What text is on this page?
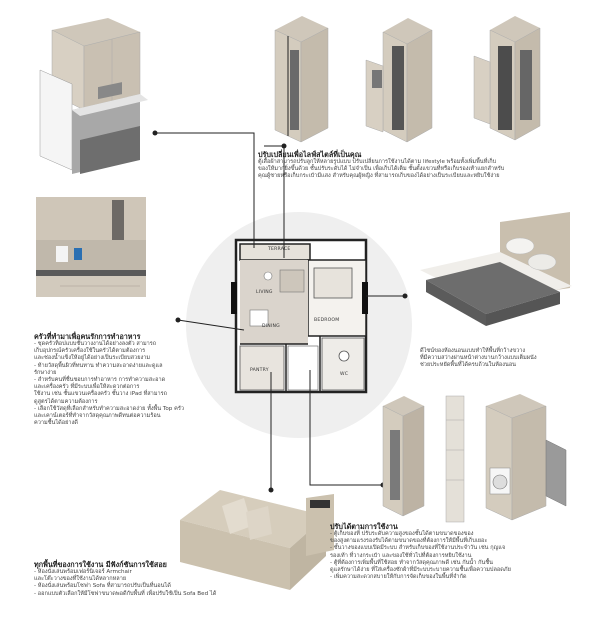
TERRACE
LIVING
DINING
BEDROOM
PANTRY
WC
ปรับเปลี่ยนเพื่อไลฟ์สไตล์ที่เป็นคุณ
ตู้เสื้อผ้าสามารถปรับลูกให้หลายรูปแบบ ปรับเปลี่ยนการใช้งานได้ตาม lifestyle พร้อมทั้งเพิ่มพื้นที่เก็บ
ของให้มากยิ่งขึ้นด้วย ชั้นปรับระดับได้ ไม่จำเป็น เพื่อเก็บได้เต็ม ชั้นตั้งแขวนที่หรือเก็บรองเท้าแยกสำหรับ
คุณผู้ชายหรือเก็บกระเป๋ามีแสง สำหรับคุณผู้หญิง ที่สามารถเก็บของได้อย่างเป็นระเบียบและหยิบใช้ง่าย
ครัวที่ทำมาเพื่อคนรักการทำอาหาร
- ชุดครัวท็อปแบบชั้นวางงานได้อย่างลงตัว สามารถ
เก็บอุปกรณ์ครัวเครื่องใช้ในครัวได้ตามต้องการ
และช่องน้ำแข็งให้อยู่ได้อย่างเป็นระเบียบสวยงาม
- ท้ายวัสดุพื้นผิวที่ทนทาน ทำความสะอาดง่ายและดูแล
รักษาง่าย
- สำหรับคนที่ชื่นชอบการทำอาหาร การทำความสะอาด
และเครื่องครัว ที่มีระบบเพื่อให้สะดวกต่อการ
ใช้งาน เช่น ชั้นแขวนเครื่องครัว ชั้นวาง iPad ที่สามารถ
ดูสูตรได้ตามความต้องการ
- เลือกใช้วัสดุที่เลือกสำหรับทำความสะอาดง่าย ทั้งพื้น Top ครัว
และเคาน์เตอร์ที่ทำจากวัสดุคุณภาพดีทนต่อความร้อน
ความชื้นได้อย่างดี
ดีไซน์ของห้องนอนแบบทำให้พื้นที่กว้างขวาง
ที่มีความสว่างผ่านหน้าต่างบานกว้างแบบเต็มผนัง
ช่วยประหยัดพื้นที่ได้ครบถ้วนในห้องนอน
ปรับได้ตามการใช้งาน
- ตู้เก็บของที่ ปรับระดับความสูงของชั้นได้ตามขนาดของของ
ของสูงตามแรงรองรับได้ตามขนาดของที่ต้องการให้มีพื้นที่เก็บเยอะ
- ชั้นวางของแบบเปิดมีระบบ สำหรับเก็บของที่ใช้งานประจำวัน เช่น กุญแจ
รองเท้า ที่วางกระเป๋า และของใช้ทั่วไปที่ต้องการหยิบใช้งาน
- ตู้ที่ต้องการเพิ่มพื้นที่ใช้สอย ทำจากวัสดุคุณภาพดี เช่น กันน้ำ กันชื้น
ดูแลรักษาได้ง่าย ที่ใส่เครื่องซักผ้าที่มีระบบระบายความชื้นเพื่อความปลอดภัย
- เพิ่มความสะดวกสบายให้กับการจัดเก็บของในพื้นที่จำกัด
ทุกพื้นที่ของการใช้งาน มีฟังก์ชันการใช้สอย
- ห้องนั่งเล่นพร้อมเฟอร์นิเจอร์ Armchair
และโต๊ะวางของที่ใช้งานได้หลากหลาย
- ห้องนั่งเล่นพร้อมโซฟา Sofa ที่สามารถปรับเป็นที่นอนได้
- ออกแบบตัวเลือกให้มีโซฟาขนาดพอดีกับพื้นที่ เพื่อปรับใช้เป็น Sofa Bed ได้
